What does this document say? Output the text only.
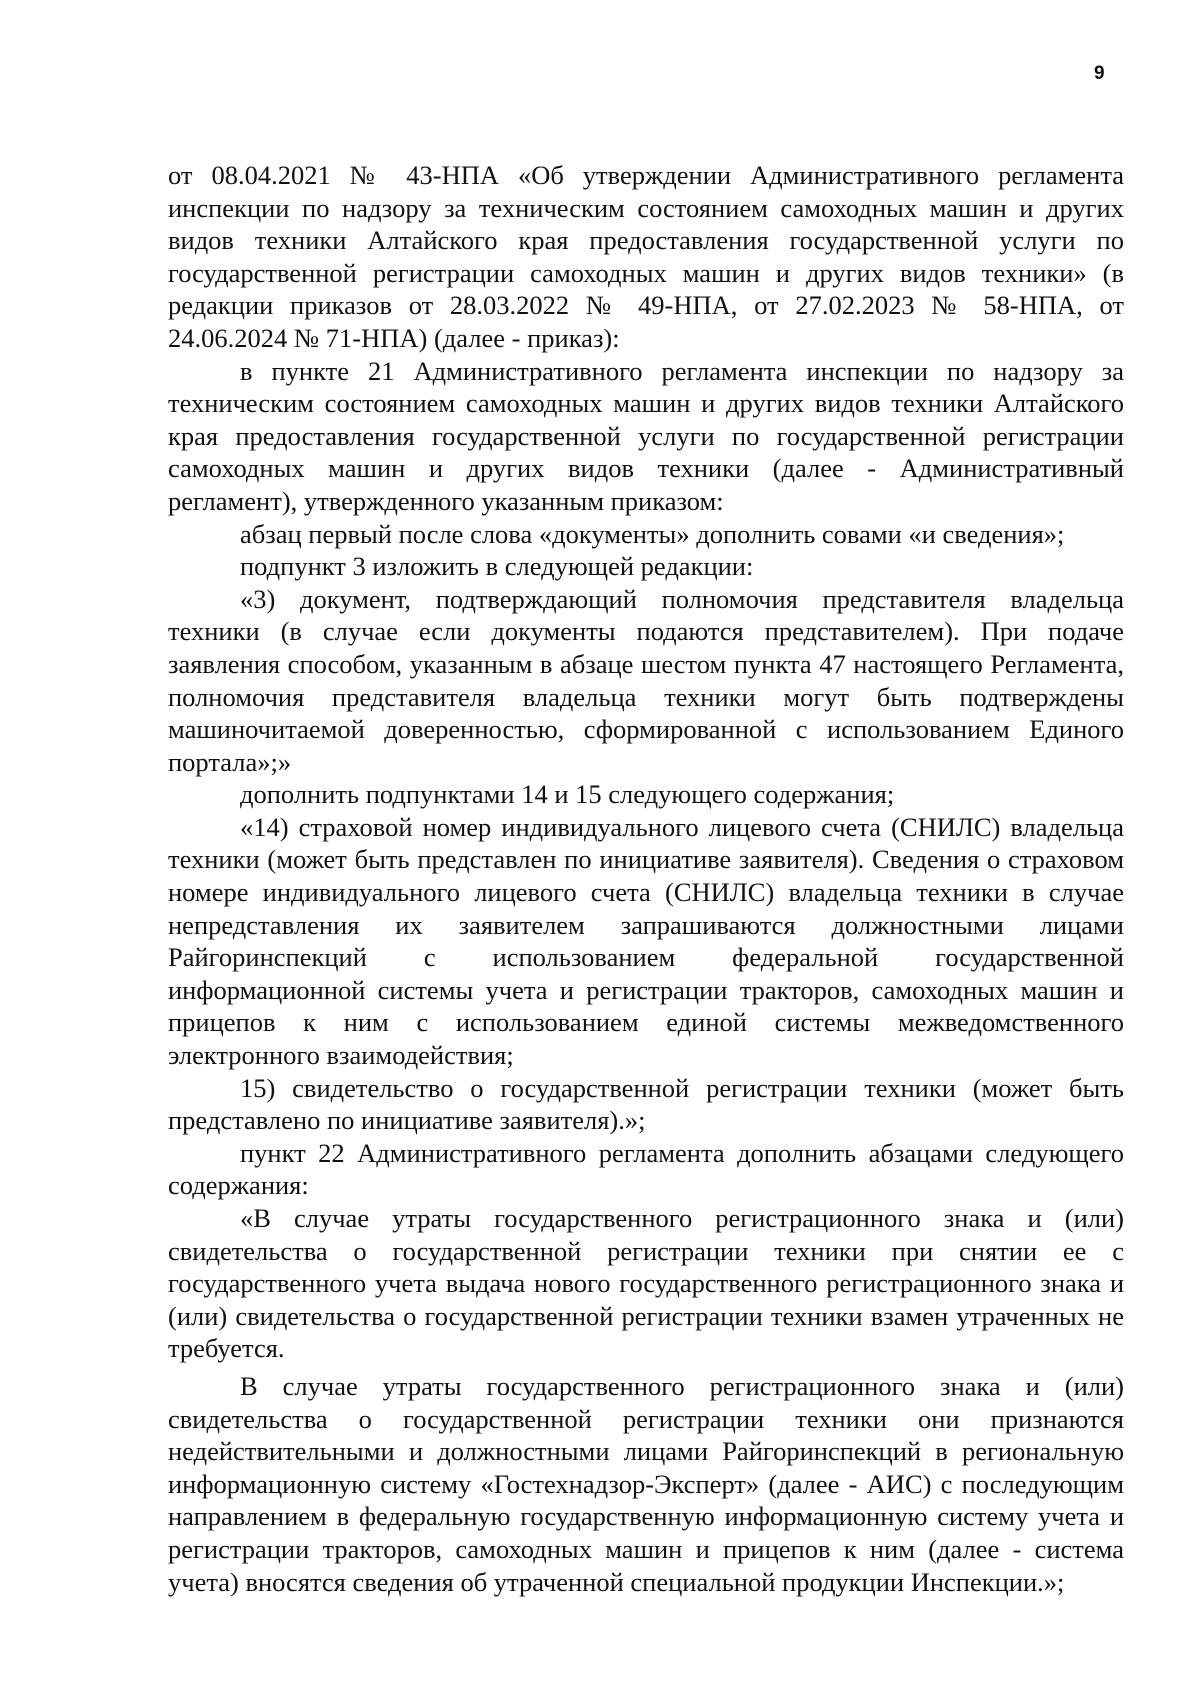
9

от 08.04.2021 № 43-НПА «Об утверждении Административного регламента инспекции по надзору за техническим состоянием самоходных машин и других видов техники Алтайского края предоставления государственной услуги по государственной регистрации самоходных машин и других видов техники» (в редакции приказов от 28.03.2022 № 49-НПА, от 27.02.2023 № 58-НПА, от 24.06.2024 № 71-НПА) (далее - приказ):

в пункте 21 Административного регламента инспекции по надзору за техническим состоянием самоходных машин и других видов техники Алтайского края предоставления государственной услуги по государственной регистрации самоходных машин и других видов техники (далее - Административный регламент), утвержденного указанным приказом:

абзац первый после слова «документы» дополнить совами «и сведения»;

подпункт 3 изложить в следующей редакции:

«3) документ, подтверждающий полномочия представителя владельца техники (в случае если документы подаются представителем). При подаче заявления способом, указанным в абзаце шестом пункта 47 настоящего Регламента, полномочия представителя владельца техники могут быть подтверждены машиночитаемой доверенностью, сформированной с использованием Единого портала»;»

дополнить подпунктами 14 и 15 следующего содержания;

«14) страховой номер индивидуального лицевого счета (СНИЛС) владельца техники (может быть представлен по инициативе заявителя). Сведения о страховом номере индивидуального лицевого счета (СНИЛС) владельца техники в случае непредставления их заявителем запрашиваются должностными лицами Райгоринспекций с использованием федеральной государственной информационной системы учета и регистрации тракторов, самоходных машин и прицепов к ним с использованием единой системы межведомственного электронного взаимодействия;

15) свидетельство о государственной регистрации техники (может быть представлено по инициативе заявителя).»;

пункт 22 Административного регламента дополнить абзацами следующего содержания:

«В случае утраты государственного регистрационного знака и (или) свидетельства о государственной регистрации техники при снятии ее с государственного учета выдача нового государственного регистрационного знака и (или) свидетельства о государственной регистрации техники взамен утраченных не требуется.

В случае утраты государственного регистрационного знака и (или) свидетельства о государственной регистрации техники они признаются недействительными и должностными лицами Райгоринспекций в региональную информационную систему «Гостехнадзор-Эксперт» (далее - АИС) с последующим направлением в федеральную государственную информационную систему учета и регистрации тракторов, самоходных машин и прицепов к ним (далее - система учета) вносятся сведения об утраченной специальной продукции Инспекции.»;
